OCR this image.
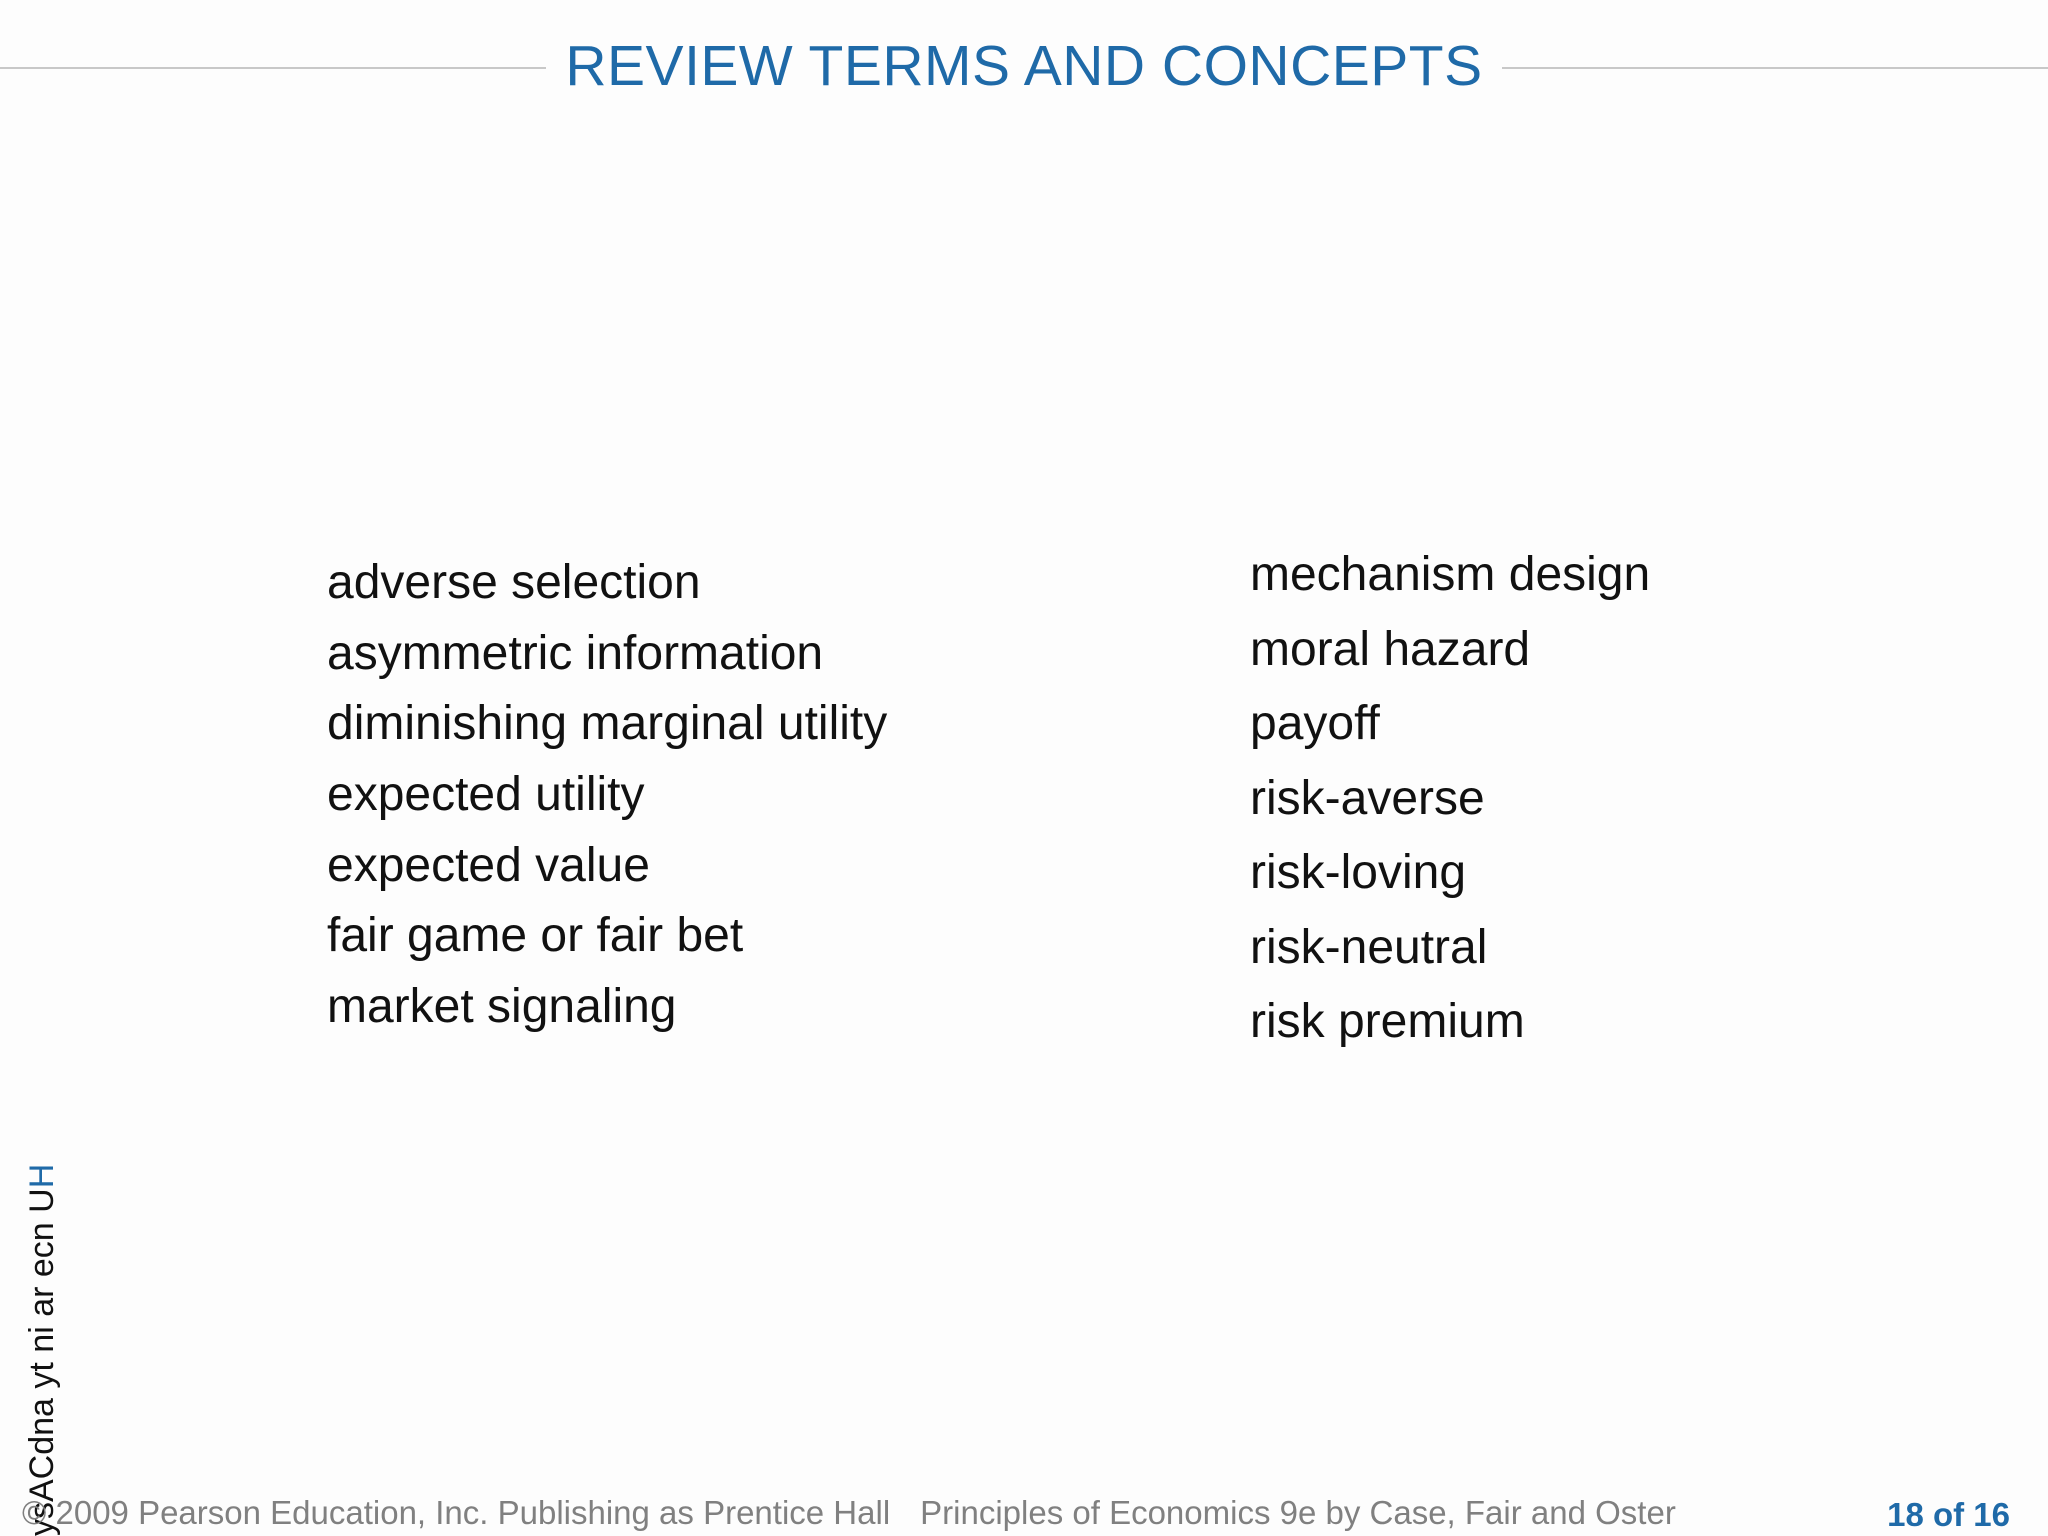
REVIEW TERMS AND CONCEPTS
adverse selection
asymmetric information
diminishing marginal utility
expected utility
expected value
fair game or fair bet
market signaling
mechanism design
moral hazard
payoff
risk-averse
risk-loving
risk-neutral
risk premium
ysACdna yt ni ar ecn UH
© 2009 Pearson Education, Inc. Publishing as Prentice Hall Principles of Economics 9e by Case, Fair and Oster	18 of 16
